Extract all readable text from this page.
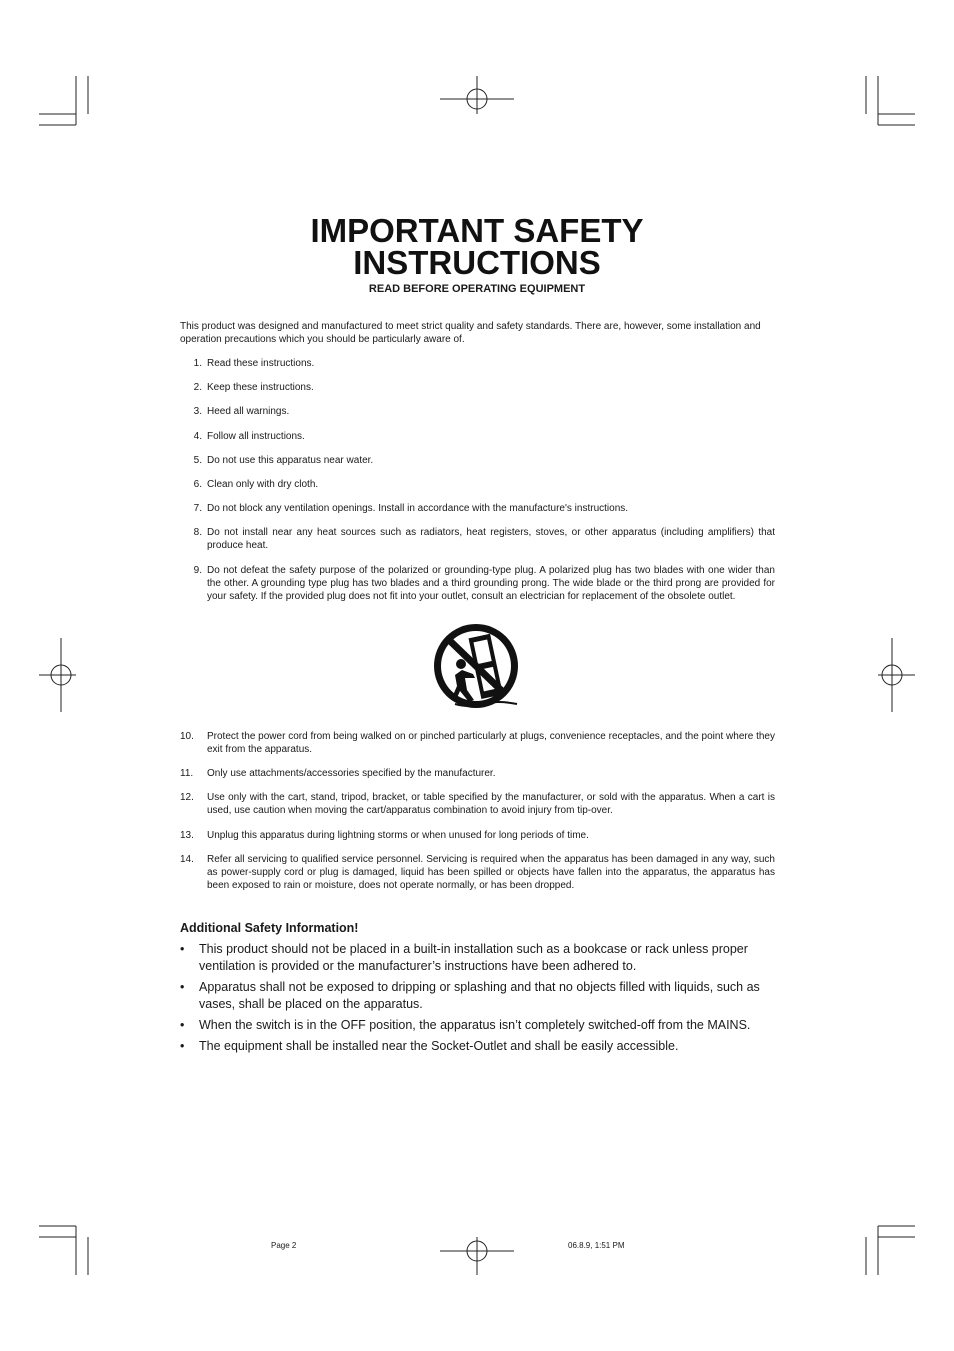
IMPORTANT SAFETY
INSTRUCTIONS
READ BEFORE OPERATING EQUIPMENT
This product was designed and manufactured to meet strict quality and safety standards. There are, however, some installation and operation precautions which you should be particularly aware of.
1. Read these instructions.
2. Keep these instructions.
3. Heed all warnings.
4. Follow all instructions.
5. Do not use this apparatus near water.
6. Clean only with dry cloth.
7. Do not block any ventilation openings. Install in accordance with the manufacture's instructions.
8. Do not install near any heat sources such as radiators, heat registers, stoves, or other apparatus (including amplifiers) that produce heat.
9. Do not defeat the safety purpose of the polarized or grounding-type plug. A polarized plug has two blades with one wider than the other. A grounding type plug has two blades and a third grounding prong. The wide blade or the third prong are provided for your safety. If the provided plug does not fit into your outlet, consult an electrician for replacement of the obsolete outlet.
10.	Protect the power cord from being walked on or pinched particularly at plugs, convenience receptacles, and the point where they exit from the apparatus.
11.	Only use attachments/accessories specified by the manufacturer.
12.	Use only with the cart, stand, tripod, bracket, or table specified by the manufacturer, or sold with the apparatus. When a cart is used, use caution when moving the cart/apparatus combination to avoid injury from tip-over.
13.	Unplug this apparatus during lightning storms or when unused for long periods of time.
14.	Refer all servicing to qualified service personnel. Servicing is required when the apparatus has been damaged in any way, such as power-supply cord or plug is damaged, liquid has been spilled or objects have fallen into the apparatus, the apparatus has been exposed to rain or moisture, does not operate normally, or has been dropped.
Additional Safety Information!
• This product should not be placed in a built-in installation such as a bookcase or rack unless proper ventilation is provided or the manufacturer’s instructions have been adhered to.
• Apparatus shall not be exposed to dripping or splashing and that no objects filled with liquids, such as vases, shall be placed on the apparatus.
• When the switch is in the OFF position, the apparatus isn’t completely switched-off from the MAINS.
• The equipment shall be installed near the Socket-Outlet and shall be easily accessible.
Page 2	06.8.9, 1:51 PM
